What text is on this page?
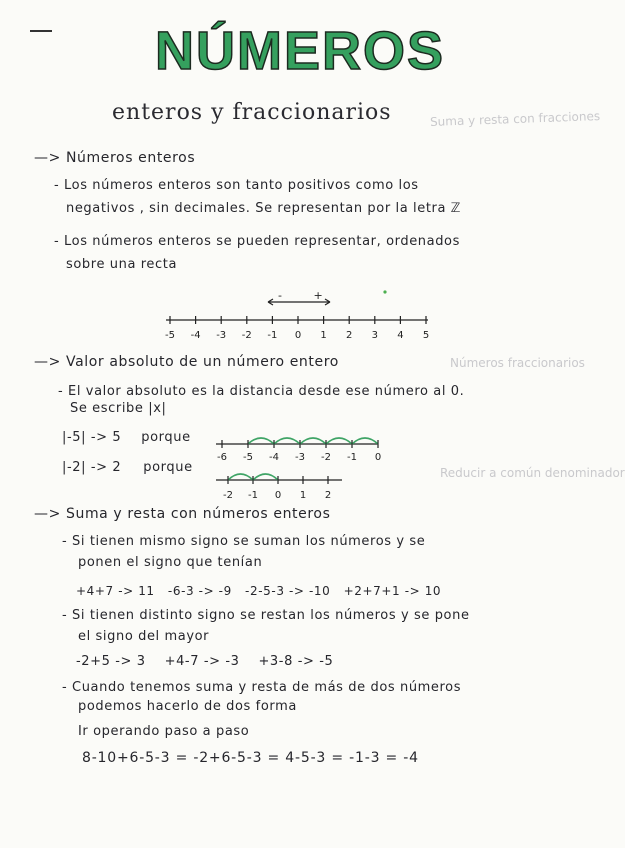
Suma y resta con fracciones
Números fraccionarios
Reducir a común denominador
NÚMEROS
enteros y fraccionarios
—> Números enteros
- Los números enteros son tanto positivos como los
negativos , sin decimales. Se representan por la letra ℤ
- Los números enteros se pueden representar, ordenados
sobre una recta
- +
-5 -4 -3 -2 -1 0 1 2 3 4 5
—> Valor absoluto de un número entero
- El valor absoluto es la distancia desde ese número al 0.
Se escribe |x|
|-5| -> 5 porque
-6 -5 -4 -3 -2 -1 0
|-2| -> 2 porque
-2 -1 0 1 2
—> Suma y resta con números enteros
- Si tienen mismo signo se suman los números y se
ponen el signo que tenían
+4+7 -> 11   -6-3 -> -9   -2-5-3 -> -10   +2+7+1 -> 10
- Si tienen distinto signo se restan los números y se pone
el signo del mayor
-2+5 -> 3    +4-7 -> -3    +3-8 -> -5
- Cuando tenemos suma y resta de más de dos números
podemos hacerlo de dos forma
Ir operando paso a paso
8-10+6-5-3 = -2+6-5-3 = 4-5-3 = -1-3 = -4
